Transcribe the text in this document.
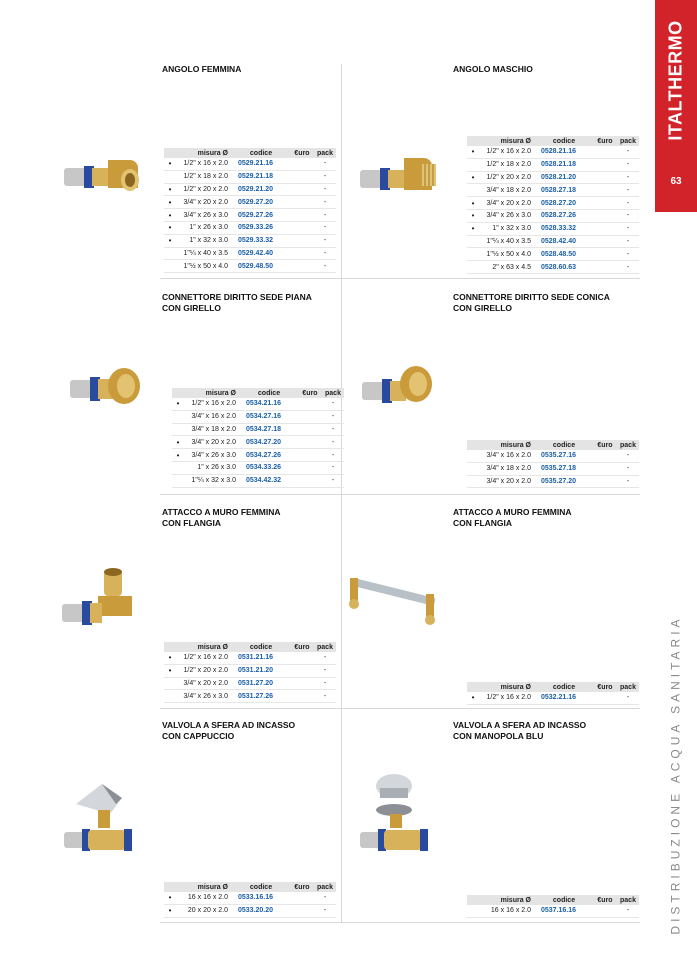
ITALTHERMO
63
DISTRIBUZIONE ACQUA SANITARIA
ANGOLO FEMMINA
misura Ø	codice	€uro	pack
•	1/2" x 16 x 2.0	0529.21.16	-
1/2" x 18 x 2.0	0529.21.18	-
•	1/2" x 20 x 2.0	0529.21.20	-
•	3/4" x 20 x 2.0	0529.27.20	-
•	3/4" x 26 x 3.0	0529.27.26	-
•	1" x 26 x 3.0	0529.33.26	-
•	1" x 32 x 3.0	0529.33.32	-
1"¼ x 40 x 3.5	0529.42.40	-
1"½ x 50 x 4.0	0529.48.50	-
ANGOLO MASCHIO
misura Ø	codice	€uro	pack
•	1/2" x 16 x 2.0	0528.21.16	-
1/2" x 18 x 2.0	0528.21.18	-
•	1/2" x 20 x 2.0	0528.21.20	-
3/4" x 18 x 2.0	0528.27.18	-
•	3/4" x 20 x 2.0	0528.27.20	-
•	3/4" x 26 x 3.0	0528.27.26	-
•	1" x 32 x 3.0	0528.33.32	-
1"¼ x 40 x 3.5	0528.42.40	-
1"½ x 50 x 4.0	0528.48.50	-
2" x 63 x 4.5	0528.60.63	-
CONNETTORE DIRITTO SEDE PIANA
CON GIRELLO
misura Ø	codice	€uro	pack
•	1/2" x 16 x 2.0	0534.21.16	-
3/4" x 16 x 2.0	0534.27.16	-
3/4" x 18 x 2.0	0534.27.18	-
•	3/4" x 20 x 2.0	0534.27.20	-
•	3/4" x 26 x 3.0	0534.27.26	-
1" x 26 x 3.0	0534.33.26	-
1"¼ x 32 x 3.0	0534.42.32	-
CONNETTORE DIRITTO SEDE CONICA
CON GIRELLO
misura Ø	codice	€uro	pack
3/4" x 16 x 2.0	0535.27.16	-
3/4" x 18 x 2.0	0535.27.18	-
3/4" x 20 x 2.0	0535.27.20	-
ATTACCO A MURO FEMMINA
CON FLANGIA
misura Ø	codice	€uro	pack
•	1/2" x 16 x 2.0	0531.21.16	-
•	1/2" x 20 x 2.0	0531.21.20	-
3/4" x 20 x 2.0	0531.27.20	-
3/4" x 26 x 3.0	0531.27.26	-
ATTACCO A MURO FEMMINA
CON FLANGIA
misura Ø	codice	€uro	pack
•	1/2" x 16 x 2.0	0532.21.16	-
VALVOLA A SFERA AD INCASSO
CON CAPPUCCIO
misura Ø	codice	€uro	pack
•	16 x 16 x 2.0	0533.16.16	-
•	20 x 20 x 2.0	0533.20.20	-
VALVOLA A SFERA AD INCASSO
CON MANOPOLA BLU
misura Ø	codice	€uro	pack
16 x 16 x 2.0	0537.16.16	-
